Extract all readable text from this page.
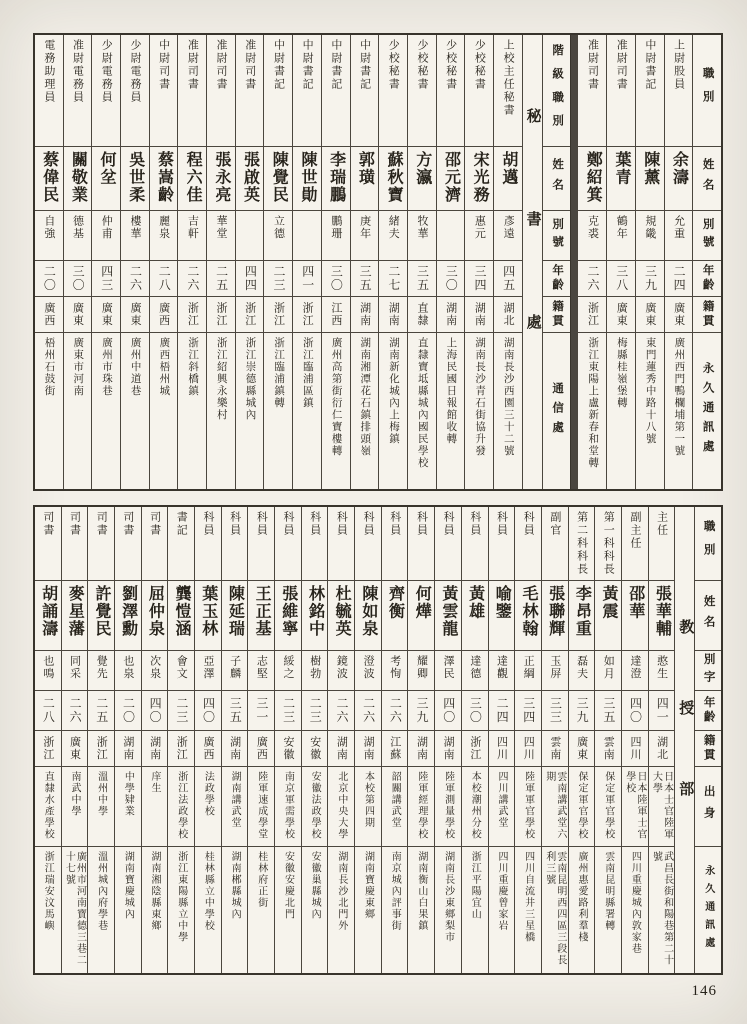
職別
姓名
別號
年齡
籍貫
永久通訊處
上尉股員
余濤
允重
二四
廣東
廣州西門鴨欄埔第一號
中尉書記
陳薰
規畿
三九
廣東
東門蓮秀中路十八號
准尉司書
葉青
鶴年
三八
廣東
梅縣桂嶺堡轉
准尉司書
鄭紹箕
克裘
二六
浙江
浙江東陽上盧新春和堂轉
階級職別
姓名
別號
年齡
籍貫
通信處
秘書處
上校主任秘書
胡邁
彥遠
四五
湖北
湖南長沙西園三十二號
少校秘書
宋光務
惠元
三四
湖南
湖南長沙青石街協升發
少校秘書
邵元濟
三〇
湖南
上海民國日報館收轉
少校秘書
方瀛
牧華
三五
直隸
直隸寶坻縣城內國民學校
少校秘書
蘇秋寶
緒夫
二七
湖南
湖南新化城內上梅鎮
中尉書記
郭璜
庚年
三五
湖南
湖南湘潭花石鎮排頭嶺
中尉書記
李瑞鵬
鵬珊
三〇
江西
廣州高第街衍仁寶樓轉
中尉書記
陳世勛
四一
浙江
浙江臨浦區鎮
中尉書記
陳覺民
立德
二三
浙江
浙江臨浦鎮轉
准尉司書
張啟英
四四
浙江
浙江崇德縣城內
准尉司書
張永亮
華堂
二五
浙江
浙江紹興永樂村
准尉司書
程六佳
吉軒
二六
浙江
浙江斜橋鎮
中尉司書
蔡嵩齡
麗泉
二八
廣西
廣西梧州城
少尉電務員
吳世柔
樓華
二六
廣東
廣州中道巷
少尉電務員
何坌
仲甫
四三
廣東
廣州市珠巷
准尉電務員
關敬業
德基
三〇
廣東
廣東市河南
電務助理員
蔡偉民
自強
二〇
廣西
梧州石鼓街
職別
姓名
別字
年齡
籍貫
出身
永久通訊處
教授部
主任
張華輔
憨生
四一
湖北
日本士官陸軍大學
武昌長街和陽巷第二十號
副主任
邵華
達澄
四〇
四川
日本陸軍士官學校
四川重慶城內敦家巷
第一科科長
黃震
如月
三五
雲南
保定軍官學校
雲南昆明縣署轉
第二科科長
李昂重
磊夫
三九
廣東
保定軍官學校
廣州惠愛路利羣棧
副官
張聯輝
玉屏
三三
雲南
雲南講武堂六期
雲南昆明西四區三段長利三號
科員
毛林翰
正綱
三四
四川
陸軍軍官學校
四川自流井三星橋
科員
喻鑒
達觀
二四
四川
四川講武堂
四川重慶曾家岩
科員
黃雄
達德
三〇
浙江
本校潮州分校
浙江平陽宜山
科員
黃雲龍
澤民
四〇
湖南
陸軍測量學校
湖南長沙東鄉梨市
科員
何燁
耀卿
三九
湖南
陸軍經理學校
湖南衡山白果鎮
科員
齊衡
考恂
二六
江蘇
韶關講武堂
南京城內評事街
科員
陳如泉
澄波
二六
湖南
本校第四期
湖南寶慶東鄉
科員
杜毓英
鏡波
二六
湖南
北京中央大學
湖南長沙北門外
科員
林銘中
樹勃
二三
安徽
安徽法政學校
安徽巢縣城內
科員
張維寧
綏之
二三
安徽
南京軍需學校
安徽安慶北門
科員
王正基
志堅
三一
廣西
陸軍速成學堂
桂林府正街
科員
陳延瑞
子麟
三五
湖南
湖南講武堂
湖南郴縣城內
科員
葉玉林
亞澤
四〇
廣西
法政學校
桂林縣立中學校
書記
龔愷涵
會文
二三
浙江
浙江法政學校
浙江東陽縣立中學
司書
屈仲泉
次泉
四〇
湖南
庠生
湖南湘陰縣東鄉
司書
劉澤勳
也泉
二〇
湖南
中學肄業
湖南寶慶城內
司書
許覺民
覺先
二五
浙江
溫州中學
溫州城內府學巷
司書
麥星藩
同采
二六
廣東
南武中學
廣州市河南寶德三巷二十七號
司書
胡誦濤
也鳴
二八
浙江
直隸水產學校
浙江瑞安汶馬嶼
146
